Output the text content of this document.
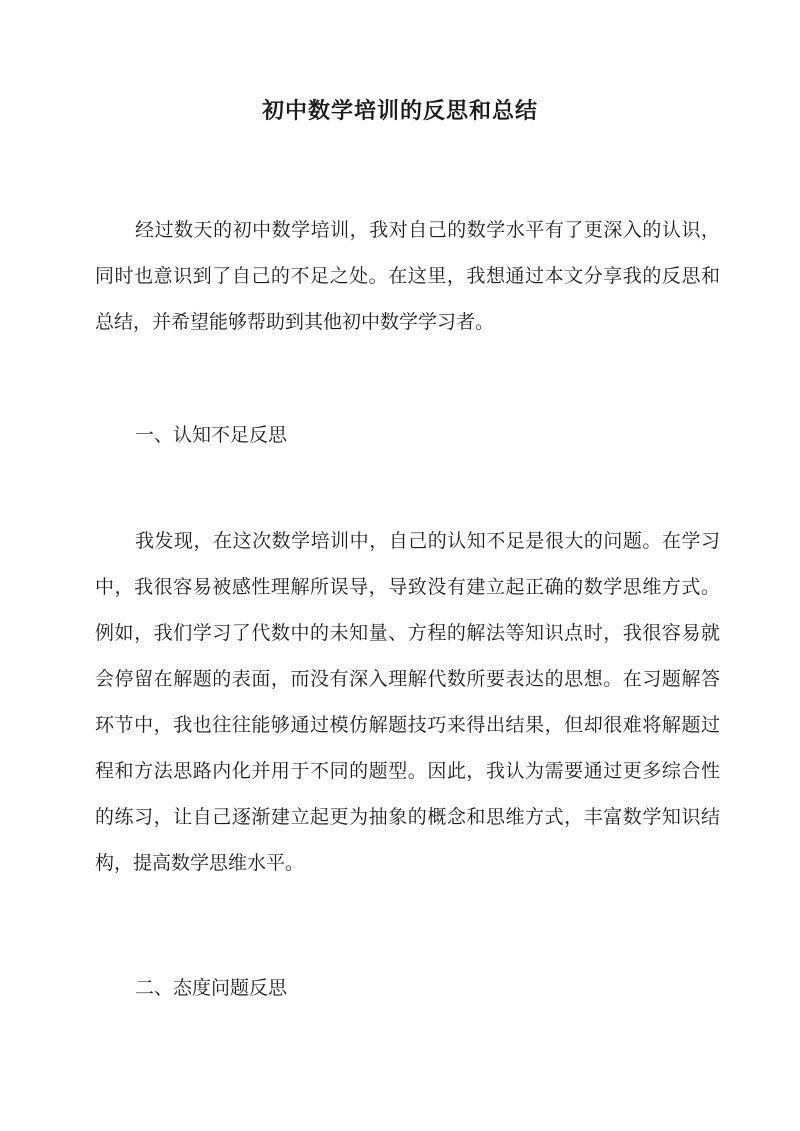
初中数学培训的反思和总结
经过数天的初中数学培训，我对自己的数学水平有了更深入的认识，
同时也意识到了自己的不足之处。在这里，我想通过本文分享我的反思和
总结，并希望能够帮助到其他初中数学学习者。
一、认知不足反思
我发现，在这次数学培训中，自己的认知不足是很大的问题。在学习
中，我很容易被感性理解所误导，导致没有建立起正确的数学思维方式。
例如，我们学习了代数中的未知量、方程的解法等知识点时，我很容易就
会停留在解题的表面，而没有深入理解代数所要表达的思想。在习题解答
环节中，我也往往能够通过模仿解题技巧来得出结果，但却很难将解题过
程和方法思路内化并用于不同的题型。因此，我认为需要通过更多综合性
的练习，让自己逐渐建立起更为抽象的概念和思维方式，丰富数学知识结
构，提高数学思维水平。
二、态度问题反思
